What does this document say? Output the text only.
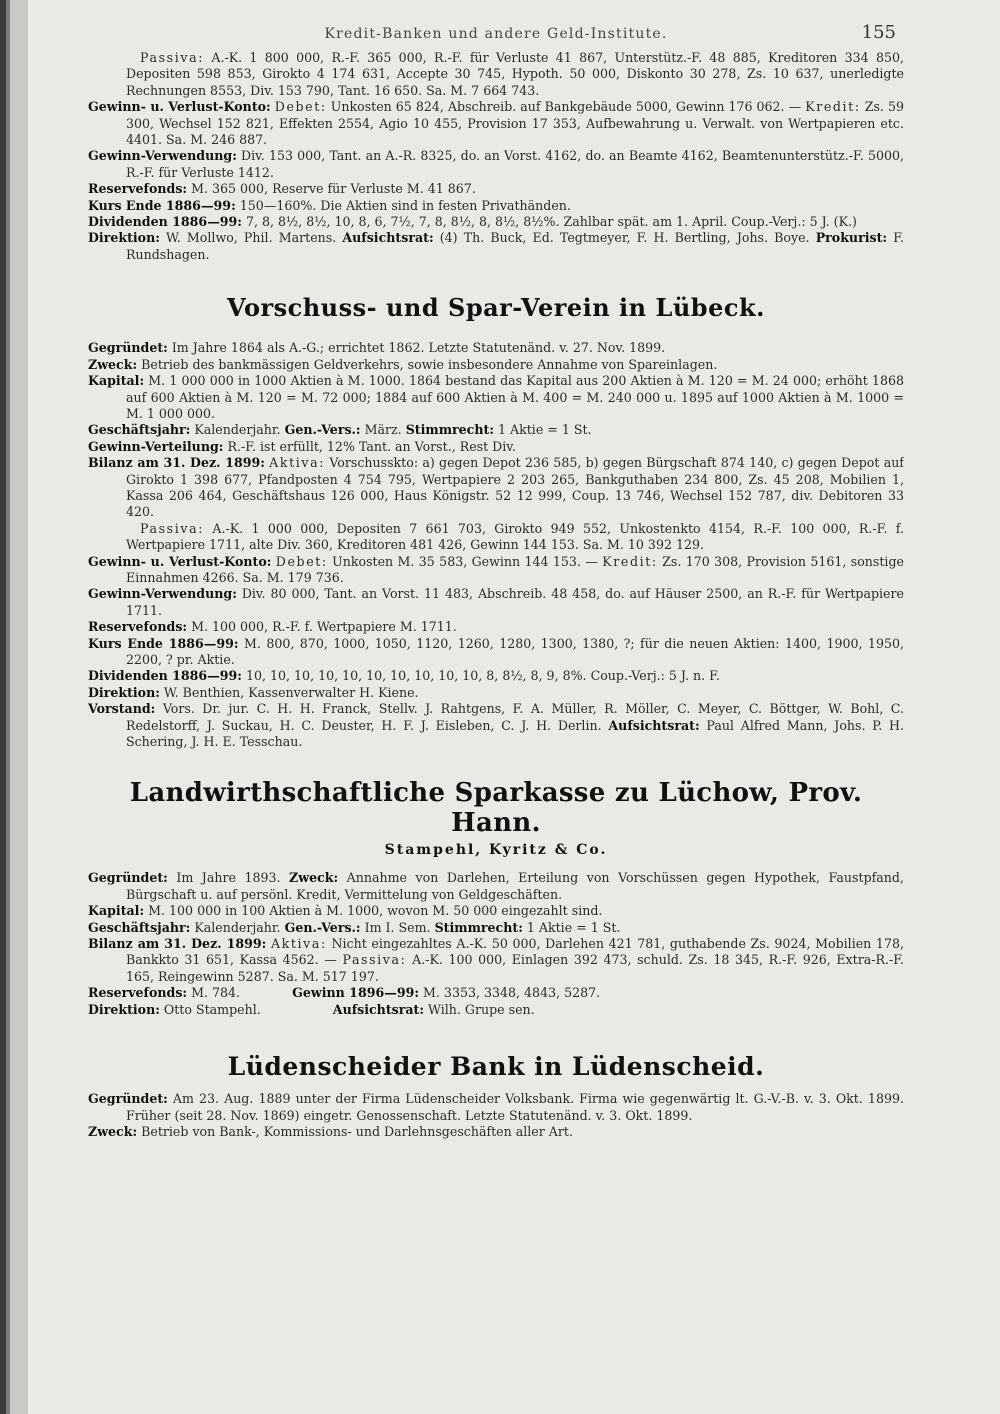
Kredit-Banken und andere Geld-Institute.	155

Passiva: A.-K. 1 800 000, R.-F. 365 000, R.-F. für Verluste 41 867, Unterstütz.-F. 48 885, Kreditoren 334 850, Depositen 598 853, Girokto 4 174 631, Accepte 30 745, Hypoth. 50 000, Diskonto 30 278, Zs. 10 637, unerledigte Rechnungen 8553, Div. 153 790, Tant. 16 650. Sa. M. 7 664 743.

Gewinn- u. Verlust-Konto: Debet: Unkosten 65 824, Abschreib. auf Bankgebäude 5000, Gewinn 176 062. — Kredit: Zs. 59 300, Wechsel 152 821, Effekten 2554, Agio 10 455, Provision 17 353, Aufbewahrung u. Verwalt. von Wertpapieren etc. 4401. Sa. M. 246 887.

Gewinn-Verwendung: Div. 153 000, Tant. an A.-R. 8325, do. an Vorst. 4162, do. an Beamte 4162, Beamtenunterstütz.-F. 5000, R.-F. für Verluste 1412.

Reservefonds: M. 365 000, Reserve für Verluste M. 41 867.

Kurs Ende 1886—99: 150—160%. Die Aktien sind in festen Privathänden.

Dividenden 1886—99: 7, 8, 8½, 8½, 10, 8, 6, 7½, 7, 8, 8½, 8, 8½, 8½%. Zahlbar spät. am 1. April. Coup.-Verj.: 5 J. (K.)

Direktion: W. Mollwo, Phil. Martens. Aufsichtsrat: (4) Th. Buck, Ed. Tegtmeyer, F. H. Bertling, Johs. Boye. Prokurist: F. Rundshagen.

Vorschuss- und Spar-Verein in Lübeck.

Gegründet: Im Jahre 1864 als A.-G.; errichtet 1862. Letzte Statutenänd. v. 27. Nov. 1899.

Zweck: Betrieb des bankmässigen Geldverkehrs, sowie insbesondere Annahme von Spareinlagen.

Kapital: M. 1 000 000 in 1000 Aktien à M. 1000. 1864 bestand das Kapital aus 200 Aktien à M. 120 = M. 24 000; erhöht 1868 auf 600 Aktien à M. 120 = M. 72 000; 1884 auf 600 Aktien à M. 400 = M. 240 000 u. 1895 auf 1000 Aktien à M. 1000 = M. 1 000 000.

Geschäftsjahr: Kalenderjahr. Gen.-Vers.: März. Stimmrecht: 1 Aktie = 1 St.

Gewinn-Verteilung: R.-F. ist erfüllt, 12% Tant. an Vorst., Rest Div.

Bilanz am 31. Dez. 1899: Aktiva: Vorschusskto: a) gegen Depot 236 585, b) gegen Bürgschaft 874 140, c) gegen Depot auf Girokto 1 398 677, Pfandposten 4 754 795, Wertpapiere 2 203 265, Bankguthaben 234 800, Zs. 45 208, Mobilien 1, Kassa 206 464, Geschäftshaus 126 000, Haus Königstr. 52 12 999, Coup. 13 746, Wechsel 152 787, div. Debitoren 33 420.

Passiva: A.-K. 1 000 000, Depositen 7 661 703, Girokto 949 552, Unkostenkto 4154, R.-F. 100 000, R.-F. f. Wertpapiere 1711, alte Div. 360, Kreditoren 481 426, Gewinn 144 153. Sa. M. 10 392 129.

Gewinn- u. Verlust-Konto: Debet: Unkosten M. 35 583, Gewinn 144 153. — Kredit: Zs. 170 308, Provision 5161, sonstige Einnahmen 4266. Sa. M. 179 736.

Gewinn-Verwendung: Div. 80 000, Tant. an Vorst. 11 483, Abschreib. 48 458, do. auf Häuser 2500, an R.-F. für Wertpapiere 1711.

Reservefonds: M. 100 000, R.-F. f. Wertpapiere M. 1711.

Kurs Ende 1886—99: M. 800, 870, 1000, 1050, 1120, 1260, 1280, 1300, 1380, ?; für die neuen Aktien: 1400, 1900, 1950, 2200, ? pr. Aktie.

Dividenden 1886—99: 10, 10, 10, 10, 10, 10, 10, 10, 10, 10, 8, 8½, 8, 9, 8%. Coup.-Verj.: 5 J. n. F.

Direktion: W. Benthien, Kassenverwalter H. Kiene.

Vorstand: Vors. Dr. jur. C. H. H. Franck, Stellv. J. Rahtgens, F. A. Müller, R. Möller, C. Meyer, C. Böttger, W. Bohl, C. Redelstorff, J. Suckau, H. C. Deuster, H. F. J. Eisleben, C. J. H. Derlin. Aufsichtsrat: Paul Alfred Mann, Johs. P. H. Schering, J. H. E. Tesschau.

Landwirthschaftliche Sparkasse zu Lüchow, Prov. Hann.
Stampehl, Kyritz & Co.

Gegründet: Im Jahre 1893. Zweck: Annahme von Darlehen, Erteilung von Vorschüssen gegen Hypothek, Faustpfand, Bürgschaft u. auf persönl. Kredit, Vermittelung von Geldgeschäften.

Kapital: M. 100 000 in 100 Aktien à M. 1000, wovon M. 50 000 eingezahlt sind.

Geschäftsjahr: Kalenderjahr. Gen.-Vers.: Im I. Sem. Stimmrecht: 1 Aktie = 1 St.

Bilanz am 31. Dez. 1899: Aktiva: Nicht eingezahltes A.-K. 50 000, Darlehen 421 781, guthabende Zs. 9024, Mobilien 178, Bankkto 31 651, Kassa 4562. — Passiva: A.-K. 100 000, Einlagen 392 473, schuld. Zs. 18 345, R.-F. 926, Extra-R.-F. 165, Reingewinn 5287. Sa. M. 517 197.

Reservefonds: M. 784.	Gewinn 1896—99: M. 3353, 3348, 4843, 5287.

Direktion: Otto Stampehl.	Aufsichtsrat: Wilh. Grupe sen.

Lüdenscheider Bank in Lüdenscheid.

Gegründet: Am 23. Aug. 1889 unter der Firma Lüdenscheider Volksbank. Firma wie gegenwärtig lt. G.-V.-B. v. 3. Okt. 1899. Früher (seit 28. Nov. 1869) eingetr. Genossenschaft. Letzte Statutenänd. v. 3. Okt. 1899.

Zweck: Betrieb von Bank-, Kommissions- und Darlehnsgeschäften aller Art.
